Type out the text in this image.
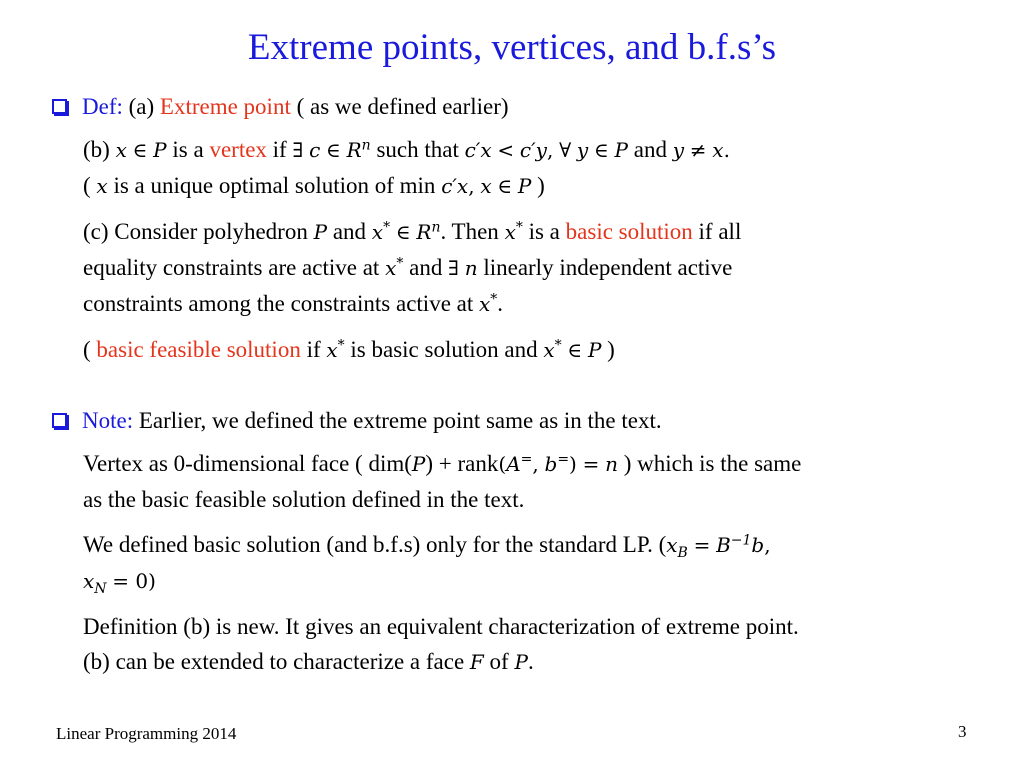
Extreme points, vertices, and b.f.s’s
Def: (a) Extreme point ( as we defined earlier)
(b) x ∈ P is a vertex if ∃ c ∈ $R^n$ such that c′x < c′y, ∀ y ∈ P and y ≠ x.
( x is a unique optimal solution of min c′x, x ∈ P )
(c) Consider polyhedron P and x* ∈ $R^n$. Then x* is a basic solution if all
equality constraints are active at x* and ∃ n linearly independent active
constraints among the constraints active at x*.
( basic feasible solution if x* is basic solution and x* ∈ P )
Note: Earlier, we defined the extreme point same as in the text.
Vertex as 0-dimensional face ( dim(P) + rank(A=, b=) = n ) which is the same
as the basic feasible solution defined in the text.
We defined basic solution (and b.f.s) only for the standard LP. ($x_B = B^{-1}b$,
$x_N = 0$)
Definition (b) is new. It gives an equivalent characterization of extreme point.
(b) can be extended to characterize a face F of P.
Linear Programming 2014	3
